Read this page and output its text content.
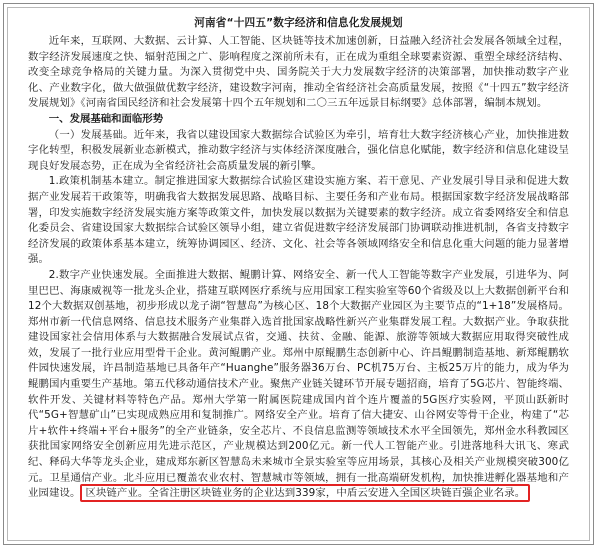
河南省“十四五”数字经济和信息化发展规划

近年来，互联网、大数据、云计算、人工智能、区块链等技术加速创新，日益融入经济社会发展各领域全过程，数字经济发展速度之快、辐射范围之广、影响程度之深前所未有，正在成为重组全球要素资源、重塑全球经济结构、改变全球竞争格局的关键力量。为深入贯彻党中央、国务院关于大力发展数字经济的决策部署，加快推动数字产业化、产业数字化，做大做强做优数字经济，建设数字河南，推动全省经济社会高质量发展，按照《“十四五”数字经济发展规划》《河南省国民经济和社会发展第十四个五年规划和二〇三五年远景目标纲要》总体部署，编制本规划。

一、发展基础和面临形势

（一）发展基础。近年来，我省以建设国家大数据综合试验区为牵引，培育壮大数字经济核心产业，加快推进数字化转型，积极发展新业态新模式，推动数字经济与实体经济深度融合，强化信息化赋能，数字经济和信息化建设呈现良好发展态势，正在成为全省经济社会高质量发展的新引擎。

1.政策机制基本建立。制定推进国家大数据综合试验区建设实施方案、若干意见、产业发展引导目录和促进大数据产业发展若干政策等，明确我省大数据发展思路、战略目标、主要任务和产业布局。根据国家数字经济发展战略部署，印发实施数字经济发展实施方案等政策文件，加快发展以数据为关键要素的数字经济。成立省委网络安全和信息化委员会、省建设国家大数据综合试验区领导小组，建立省促进数字经济发展部门协调联动推进机制，各省支持数字经济发展的政策体系基本建立，统筹协调园区、经济、文化、社会等各领域网络安全和信息化重大问题的能力显著增强。

2.数字产业快速发展。全面推进大数据、鲲鹏计算、网络安全、新一代人工智能等数字产业发展，引进华为、阿里巴巴、海康威视等一批龙头企业，搭建互联网医疗系统与应用国家工程实验室等60个省级及以上大数据创新平台和12个大数据双创基地，初步形成以龙子湖“智慧岛”为核心区、18个大数据产业园区为主要节点的“1+18”发展格局。郑州市新一代信息网络、信息技术服务产业集群入选首批国家战略性新兴产业集群发展工程。大数据产业。争取获批建设国家社会信用体系与大数据融合发展试点省，交通、扶贫、金融、能源、旅游等领域大数据应用取得突破性成效，发展了一批行业应用型骨干企业。黄河鲲鹏产业。郑州中原鲲鹏生态创新中心、许昌鲲鹏制造基地、新郑鲲鹏软件园快速发展，许昌制造基地已具备年产“Huanghe”服务器36万台、PC机75万台、主板25万片的能力，成为华为鲲鹏国内重要生产基地。第五代移动通信技术产业。聚焦产业链关键环节开展专题招商，培育了5G芯片、智能终端、软件开发、关键材料等特色产品。郑州大学第一附属医院建成国内首个连片覆盖的5G医疗实验网，平顶山跃新时代“5G+智慧矿山”已实现成熟应用和复制推广。网络安全产业。培育了信大捷安、山谷网安等骨干企业，构建了“芯片+软件+终端+平台+服务”的全产业链条，安全芯片、不良信息监测等领域技术水平全国领先，郑州金水科教园区获批国家网络安全创新应用先进示范区，产业规模达到200亿元。新一代人工智能产业。引进落地科大讯飞、寒武纪、释码大华等龙头企业，建成郑东新区智慧岛未来城市全景实验室等应用场景，其核心及相关产业规模突破300亿元。卫星通信产业。北斗应用已覆盖农业农村、智慧城市等领域，拥有一批高端研发机构，加快推进孵化器基地和产业园建设。 区块链产业。全省注册区块链业务的企业达到339家，中盾云安进入全国区块链百强企业名录。
